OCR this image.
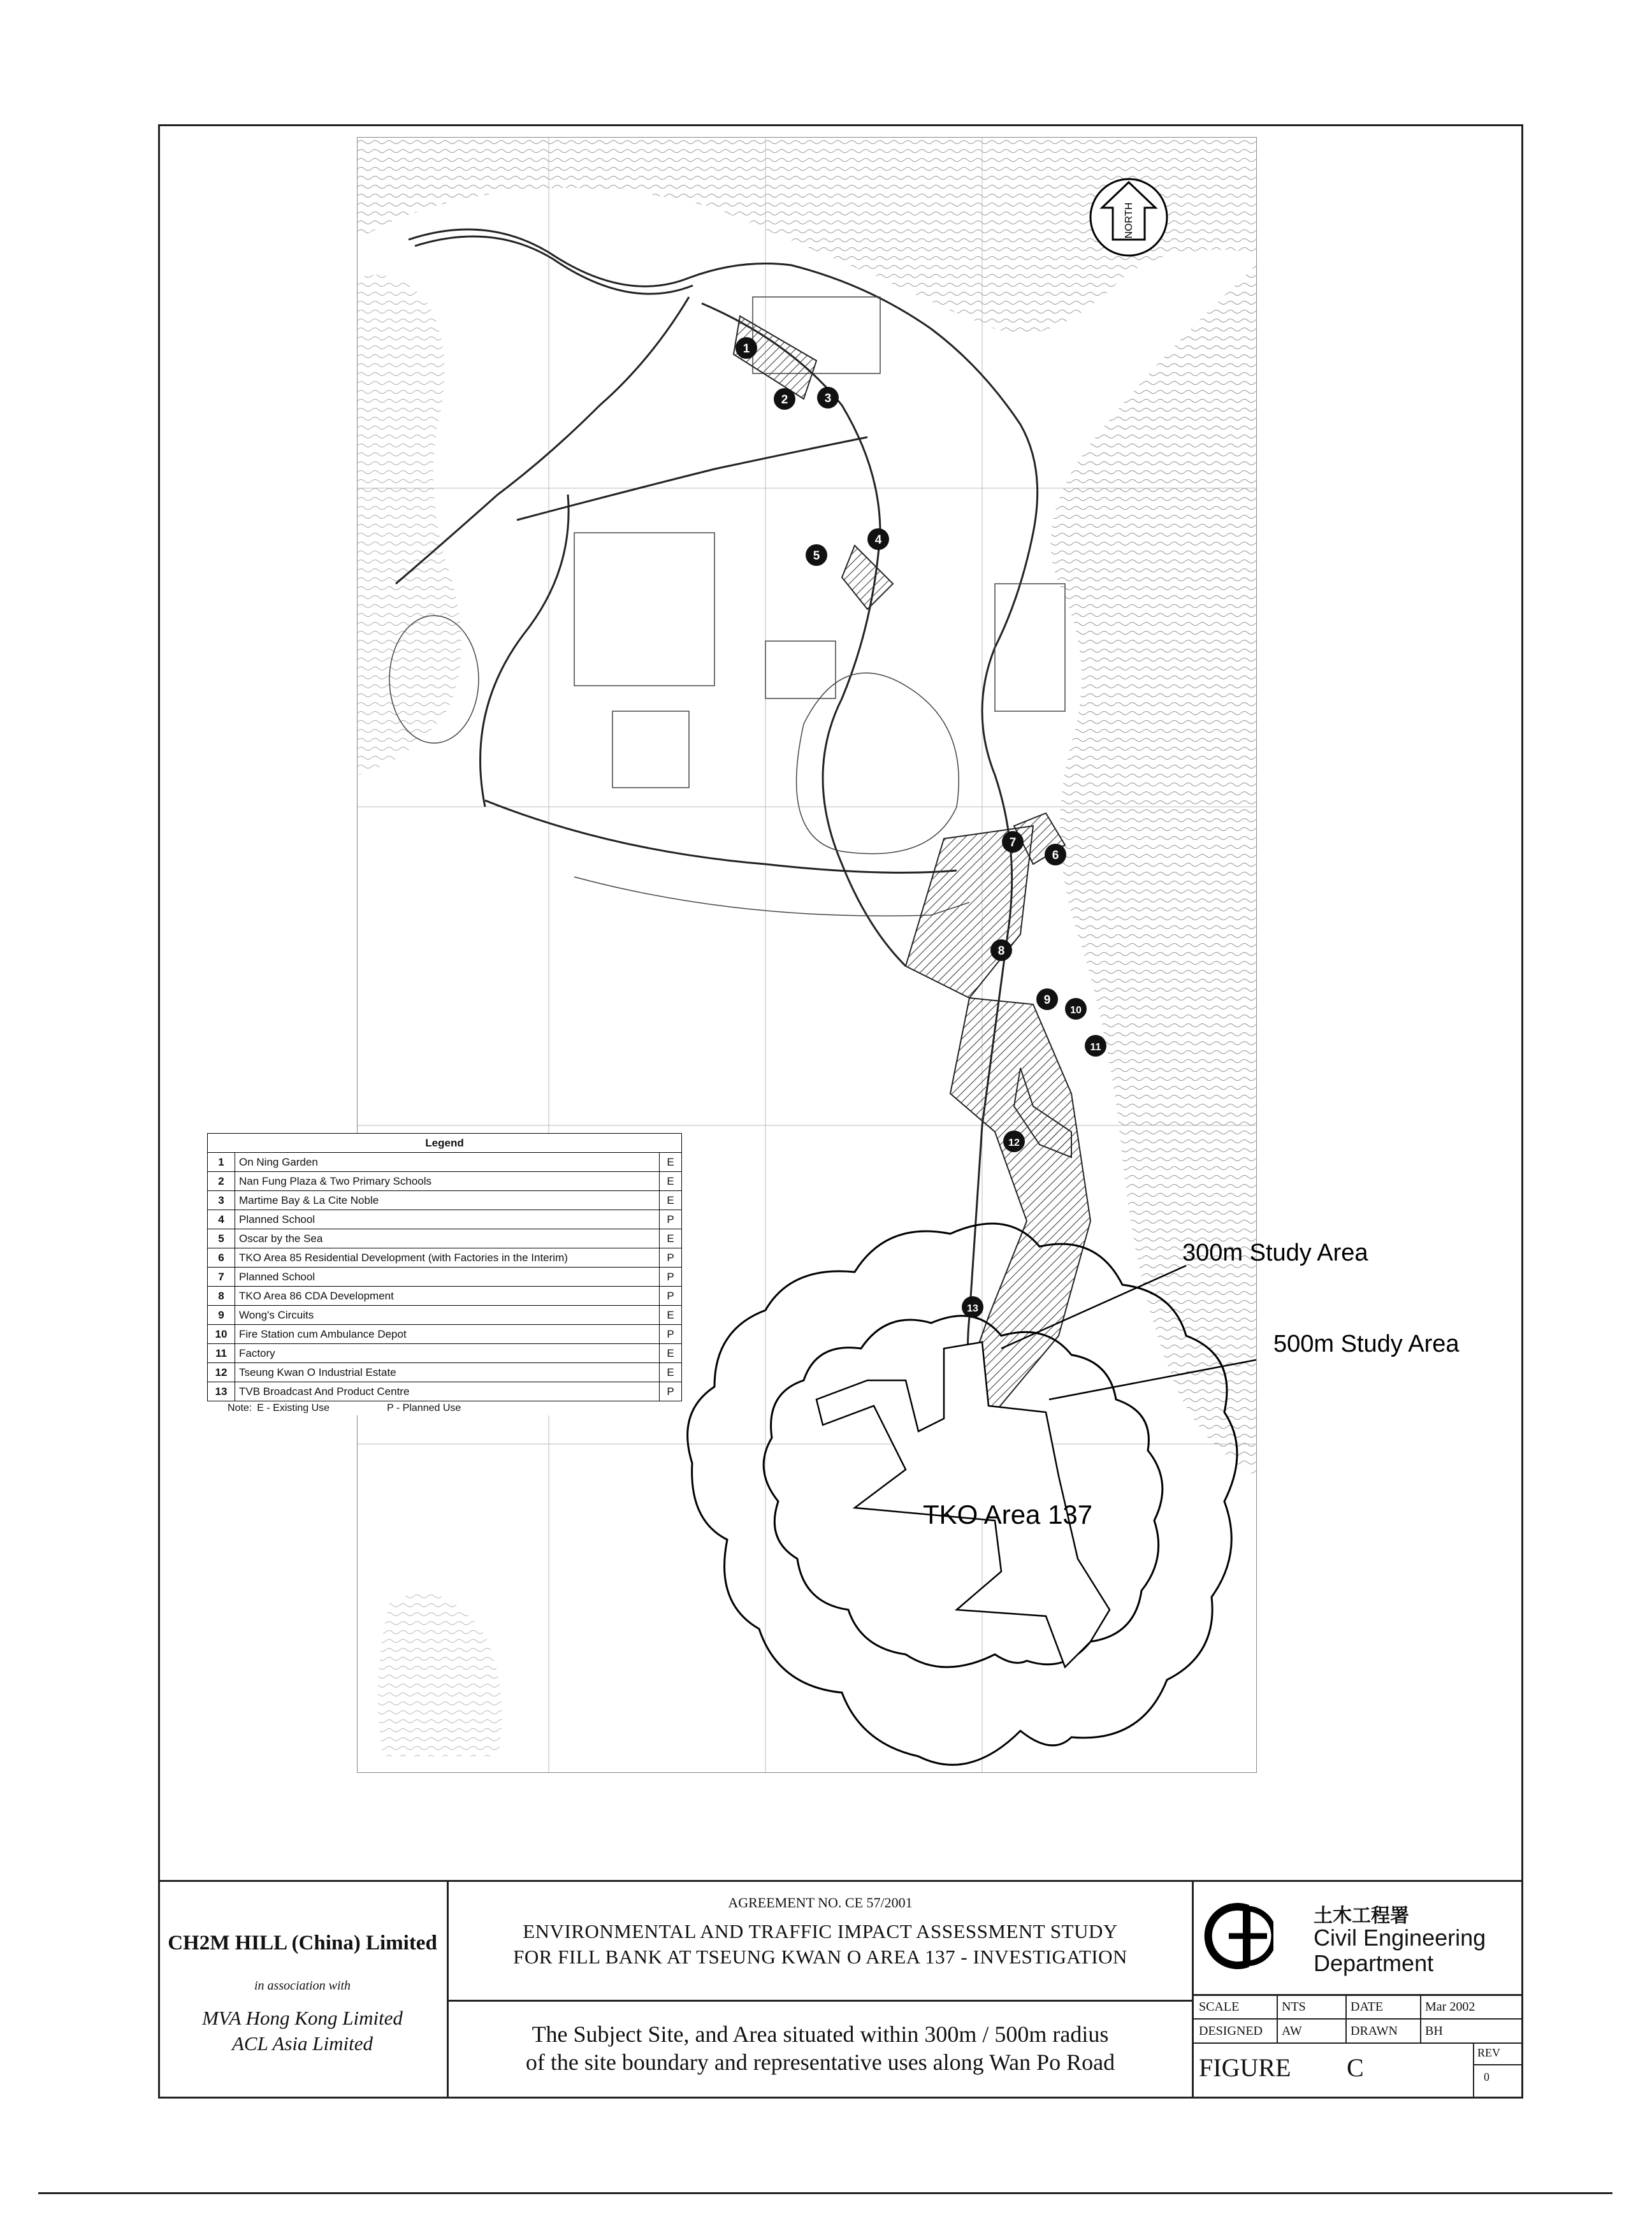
NORTH
1
2	3
4
5
6
7
8
9
10
11
12
13
300m Study Area
500m Study Area
TKO Area 137
Legend		
1	On Ning Garden	E
2	Nan Fung Plaza & Two Primary Schools	E
3	Martime Bay & La Cite Noble	E
4	Planned School	P
5	Oscar by the Sea	E
6	TKO Area 85 Residential Development (with Factories in the Interim)	P
7	Planned School	P
8	TKO Area 86 CDA Development	P
9	Wong's Circuits	E
10	Fire Station cum Ambulance Depot	P
11	Factory	E
12	Tseung Kwan O Industrial Estate	E
13	TVB Broadcast And Product Centre	P
Note: E - Existing Use	P - Planned Use
CH2M HILL (China) Limited
in association with
MVA Hong Kong Limited
ACL Asia Limited
AGREEMENT NO. CE 57/2001
ENVIRONMENTAL AND TRAFFIC IMPACT ASSESSMENT STUDY
FOR FILL BANK AT TSEUNG KWAN O AREA 137 - INVESTIGATION
The Subject Site, and Area situated within 300m / 500m radius
of the site boundary and representative uses along Wan Po Road
土木工程署
Civil Engineering
Department
SCALE	NTS	DATE	Mar 2002
DESIGNED	AW	DRAWN	BH
FIGURE C
REV
0
